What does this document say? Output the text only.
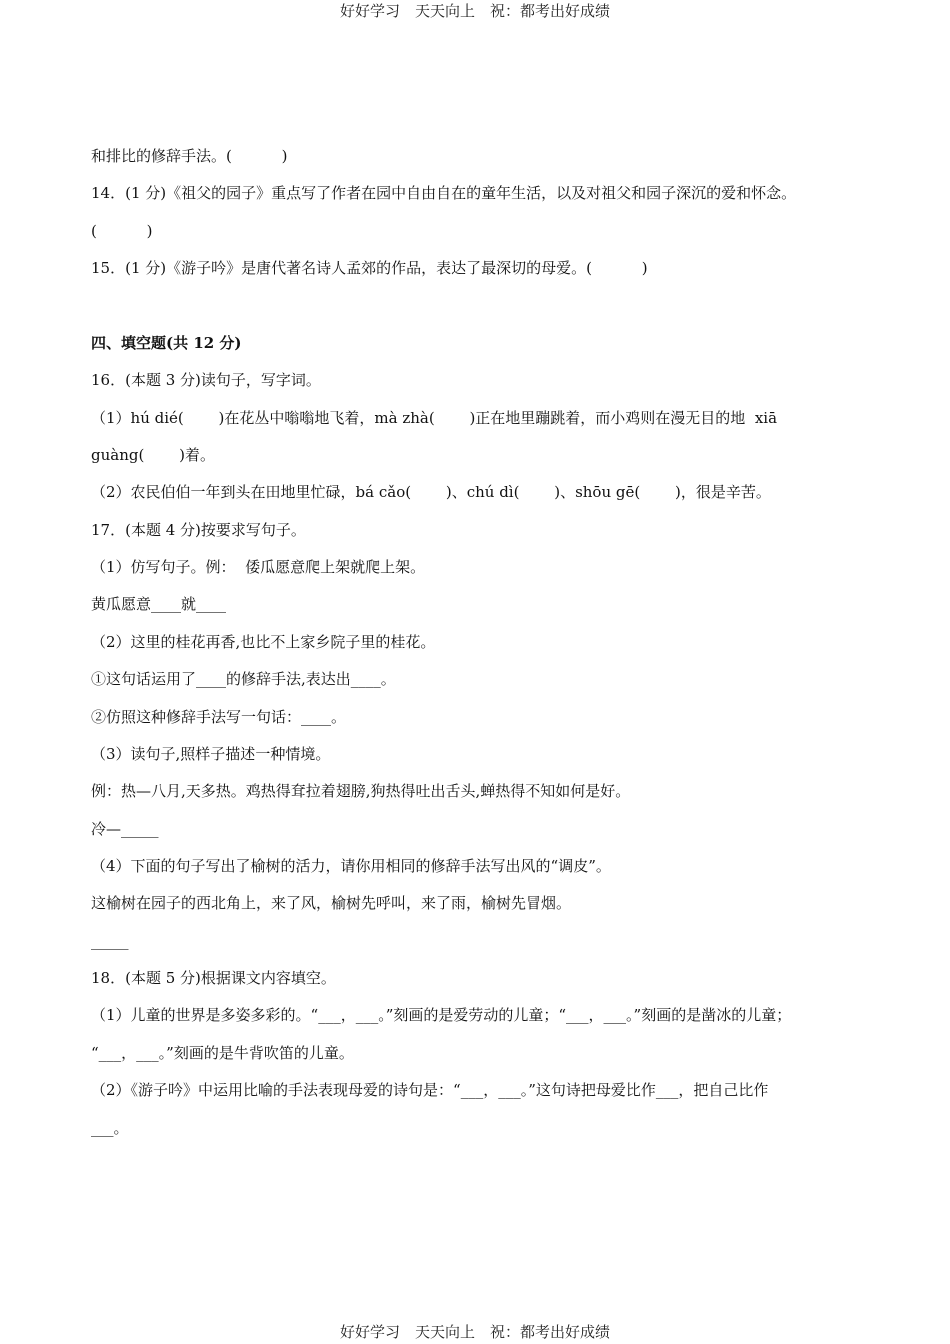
好好学习　天天向上　祝：都考出好成绩
和排比的修辞手法。(　　　 )
14．(1 分)《祖父的园子》重点写了作者在园中自由自在的童年生活，以及对祖父和园子深沉的爱和怀念。
(　　　 )
15．(1 分)《游子吟》是唐代著名诗人孟郊的作品，表达了最深切的母爱。(　　　 )
四、填空题(共 12 分)
16．(本题 3 分)读句子，写字词。
（1）hú dié(　　 )在花丛中嗡嗡地飞着，mà zhà(　　 )正在地里蹦跳着，而小鸡则在漫无目的地  xiā
guàng(　　 )着。
（2）农民伯伯一年到头在田地里忙碌，bá cǎo(　　 )、chú dì(　　 )、shōu gē(　　 )，很是辛苦。
17．(本题 4 分)按要求写句子。
（1）仿写句子。例：  倭瓜愿意爬上架就爬上架。
黄瓜愿意____就____
（2）这里的桂花再香,也比不上家乡院子里的桂花。
①这句话运用了____的修辞手法,表达出____。
②仿照这种修辞手法写一句话：____。
（3）读句子,照样子描述一种情境。
例：热—八月,天多热。鸡热得耷拉着翅膀,狗热得吐出舌头,蝉热得不知如何是好。
冷—_____
（4）下面的句子写出了榆树的活力，请你用相同的修辞手法写出风的“调皮”。
这榆树在园子的西北角上，来了风，榆树先呼叫，来了雨，榆树先冒烟。
_____
18．(本题 5 分)根据课文内容填空。
（1）儿童的世界是多姿多彩的。“___，___。”刻画的是爱劳动的儿童；“___，___。”刻画的是凿冰的儿童；
“___，___。”刻画的是牛背吹笛的儿童。
（2）《游子吟》中运用比喻的手法表现母爱的诗句是：“___，___。”这句诗把母爱比作___，把自己比作
___。
好好学习　天天向上　祝：都考出好成绩
